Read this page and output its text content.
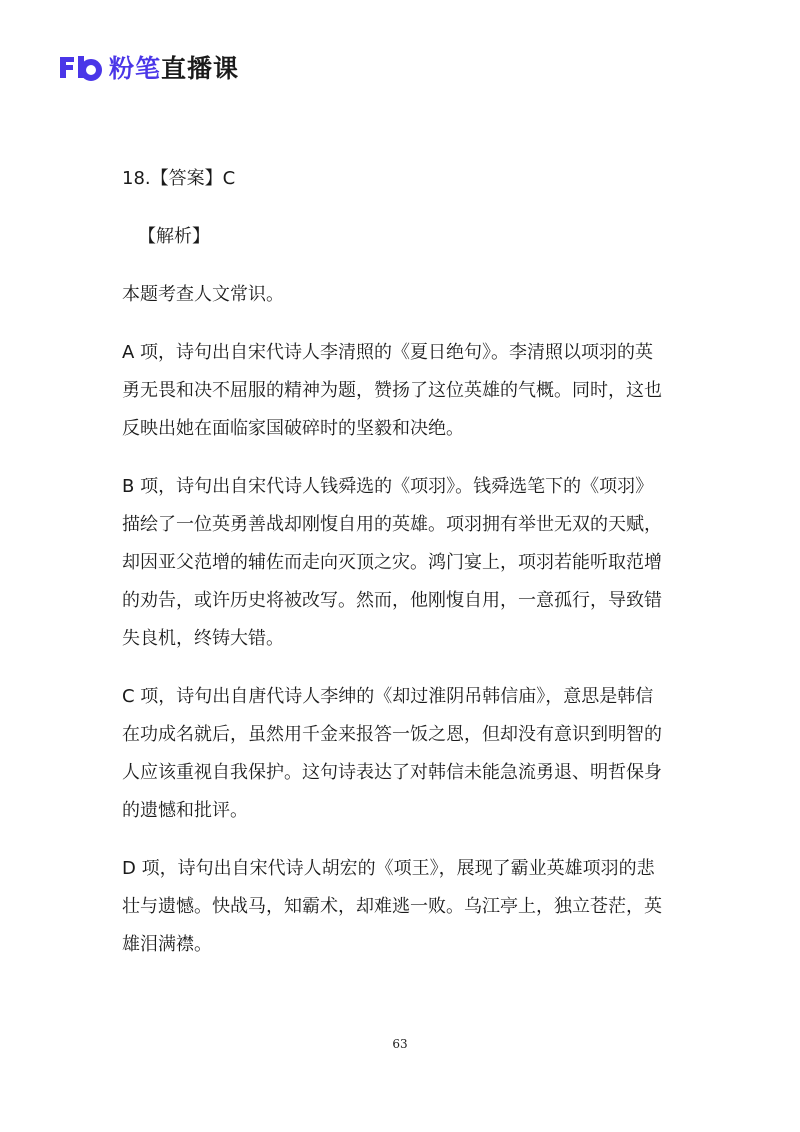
粉笔直播课

18.【答案】C

【解析】

本题考查人文常识。

A 项，诗句出自宋代诗人李清照的《夏日绝句》。李清照以项羽的英

勇无畏和决不屈服的精神为题，赞扬了这位英雄的气概。同时，这也

反映出她在面临家国破碎时的坚毅和决绝。

B 项，诗句出自宋代诗人钱舜选的《项羽》。钱舜选笔下的《项羽》

描绘了一位英勇善战却刚愎自用的英雄。项羽拥有举世无双的天赋，

却因亚父范增的辅佐而走向灭顶之灾。鸿门宴上，项羽若能听取范增

的劝告，或许历史将被改写。然而，他刚愎自用，一意孤行，导致错

失良机，终铸大错。

C 项，诗句出自唐代诗人李绅的《却过淮阴吊韩信庙》，意思是韩信

在功成名就后，虽然用千金来报答一饭之恩，但却没有意识到明智的

人应该重视自我保护。这句诗表达了对韩信未能急流勇退、明哲保身

的遗憾和批评。

D 项，诗句出自宋代诗人胡宏的《项王》，展现了霸业英雄项羽的悲

壮与遗憾。快战马，知霸术，却难逃一败。乌江亭上，独立苍茫，英

雄泪满襟。

63
